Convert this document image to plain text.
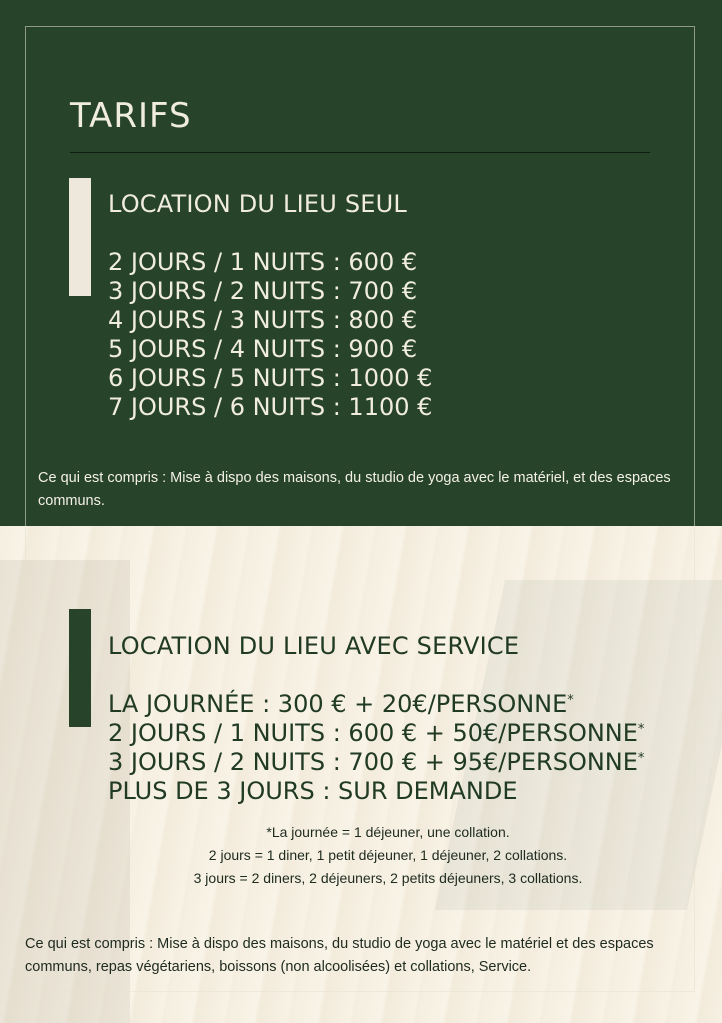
TARIFS
LOCATION DU LIEU SEUL
2 JOURS / 1 NUITS : 600 €
3 JOURS / 2 NUITS : 700 €
4 JOURS / 3 NUITS : 800 €
5 JOURS / 4 NUITS : 900 €
6 JOURS / 5 NUITS : 1000 €
7 JOURS / 6 NUITS : 1100 €

Ce qui est compris : Mise à dispo des maisons, du studio de yoga avec le matériel, et des espaces communs.

LOCATION DU LIEU AVEC SERVICE
LA JOURNÉE : 300 € + 20€/PERSONNE*
2 JOURS / 1 NUITS : 600 € + 50€/PERSONNE*
3 JOURS / 2 NUITS : 700 € + 95€/PERSONNE*
PLUS DE 3 JOURS : SUR DEMANDE
*La journée = 1 déjeuner, une collation.
2 jours = 1 diner, 1 petit déjeuner, 1 déjeuner, 2 collations.
3 jours = 2 diners, 2 déjeuners, 2 petits déjeuners, 3 collations.

Ce qui est compris : Mise à dispo des maisons, du studio de yoga avec le matériel et des espaces communs, repas végétariens, boissons (non alcoolisées) et collations, Service.
